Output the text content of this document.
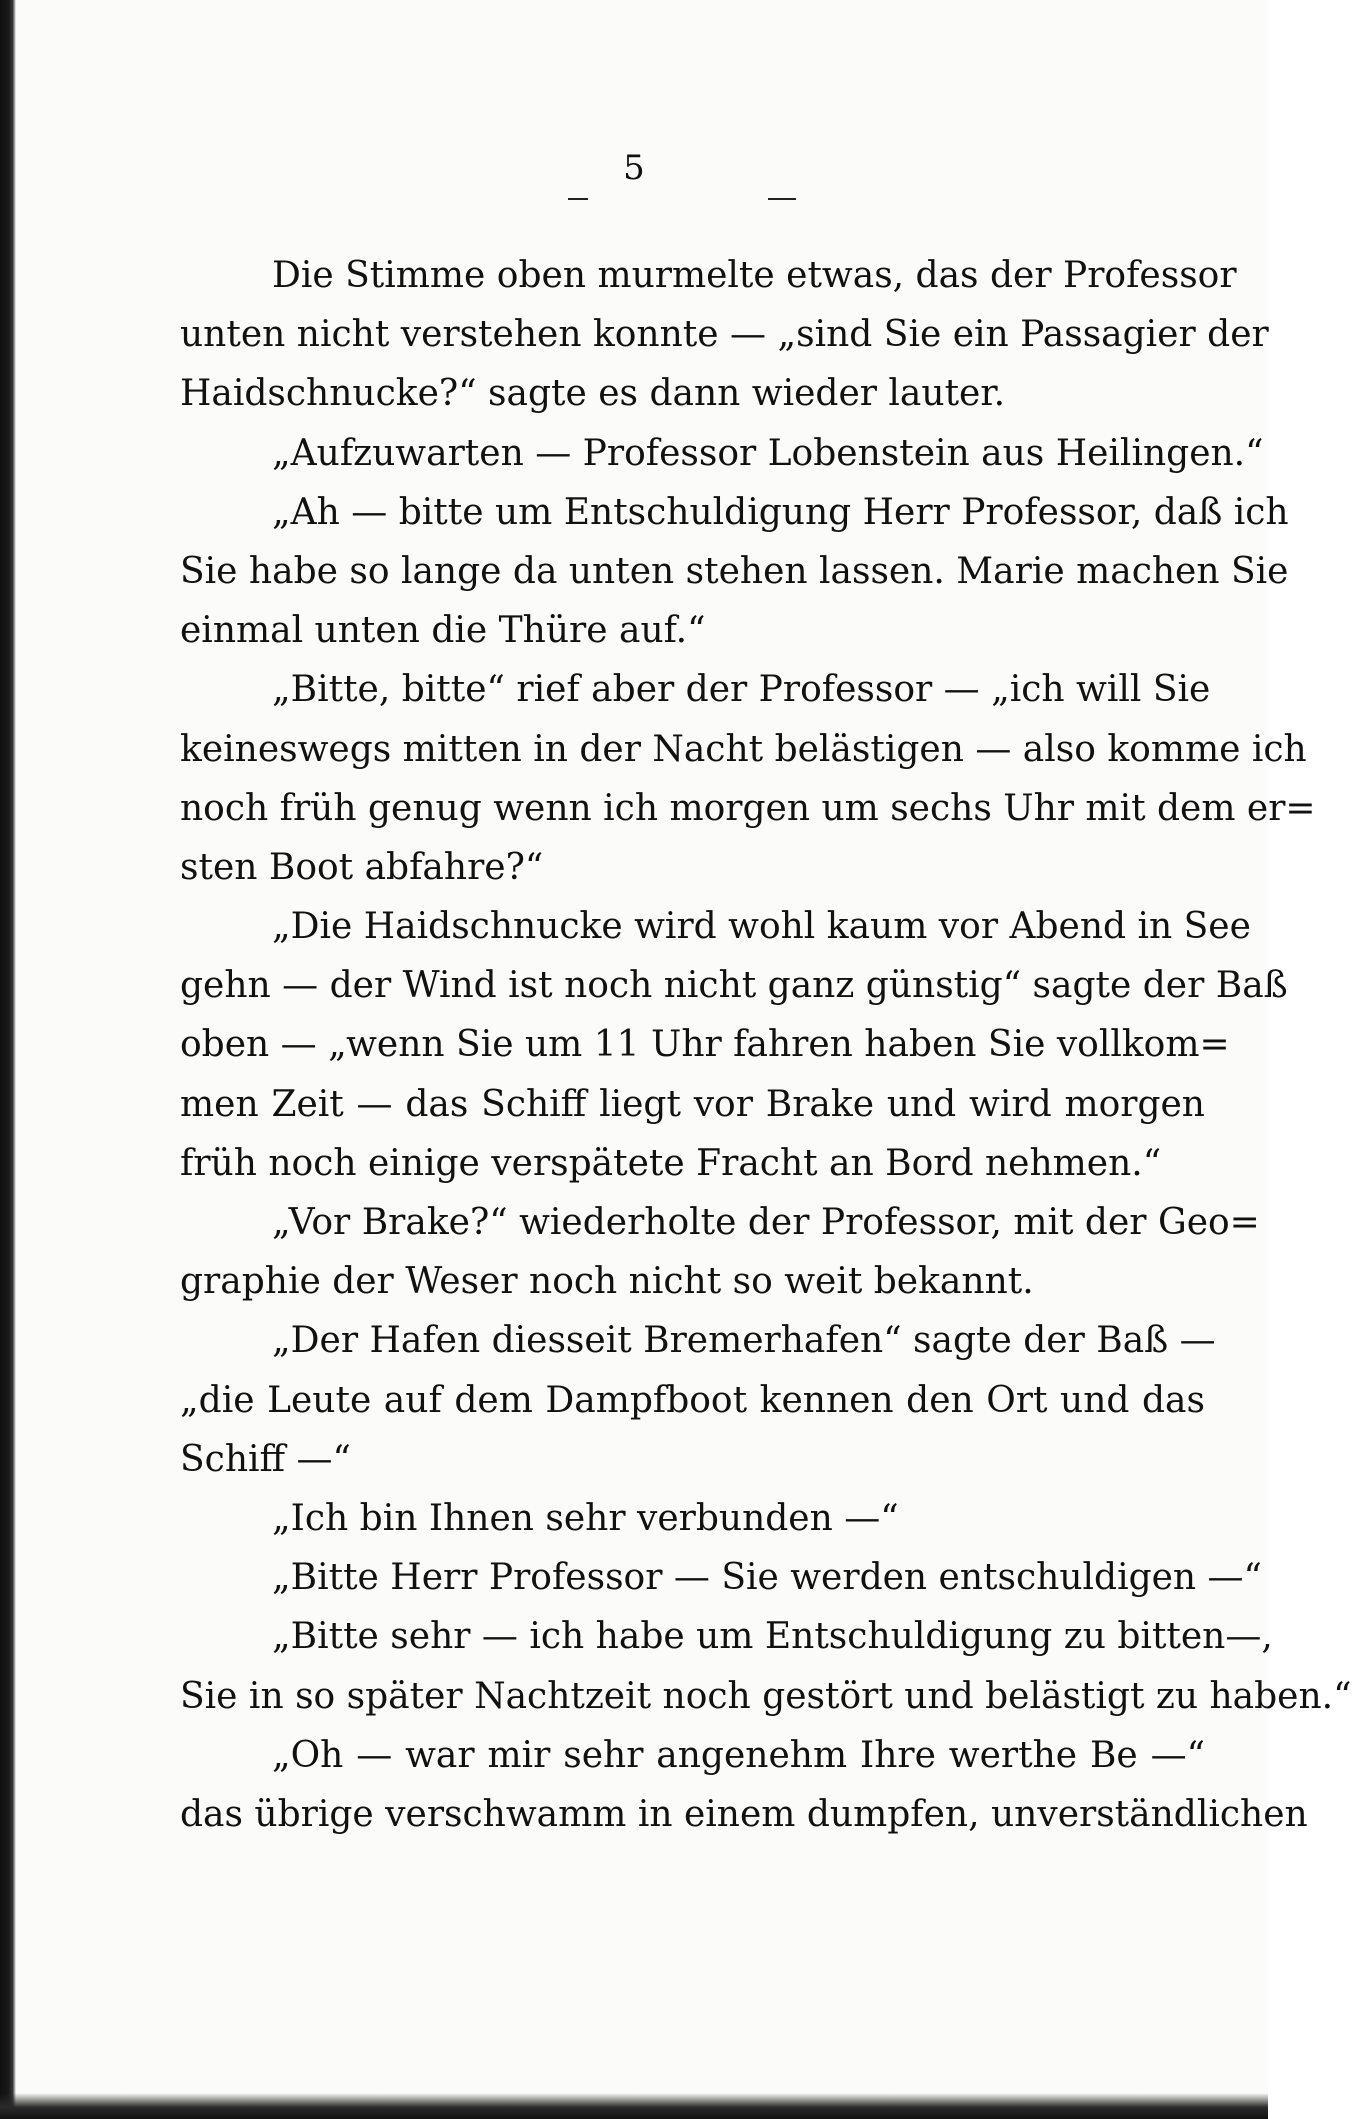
5
Die Stimme oben murmelte etwas, das der Professor
unten nicht verstehen konnte — „sind Sie ein Passagier der
Haidschnucke?“ sagte es dann wieder lauter.
„Aufzuwarten — Professor Lobenstein aus Heilingen.“
„Ah — bitte um Entschuldigung Herr Professor, daß ich
Sie habe so lange da unten stehen lassen. Marie machen Sie
einmal unten die Thüre auf.“
„Bitte, bitte“ rief aber der Professor — „ich will Sie
keineswegs mitten in der Nacht belästigen — also komme ich
noch früh genug wenn ich morgen um sechs Uhr mit dem er=
sten Boot abfahre?“
„Die Haidschnucke wird wohl kaum vor Abend in See
gehn — der Wind ist noch nicht ganz günstig“ sagte der Baß
oben — „wenn Sie um 11 Uhr fahren haben Sie vollkom=
men Zeit — das Schiff liegt vor Brake und wird morgen
früh noch einige verspätete Fracht an Bord nehmen.“
„Vor Brake?“ wiederholte der Professor, mit der Geo=
graphie der Weser noch nicht so weit bekannt.
„Der Hafen diesseit Bremerhafen“ sagte der Baß —
„die Leute auf dem Dampfboot kennen den Ort und das
Schiff —“
„Ich bin Ihnen sehr verbunden —“
„Bitte Herr Professor — Sie werden entschuldigen —“
„Bitte sehr — ich habe um Entschuldigung zu bitten—,
Sie in so später Nachtzeit noch gestört und belästigt zu haben.“
„Oh — war mir sehr angenehm Ihre werthe Be —“
das übrige verschwamm in einem dumpfen, unverständlichen
